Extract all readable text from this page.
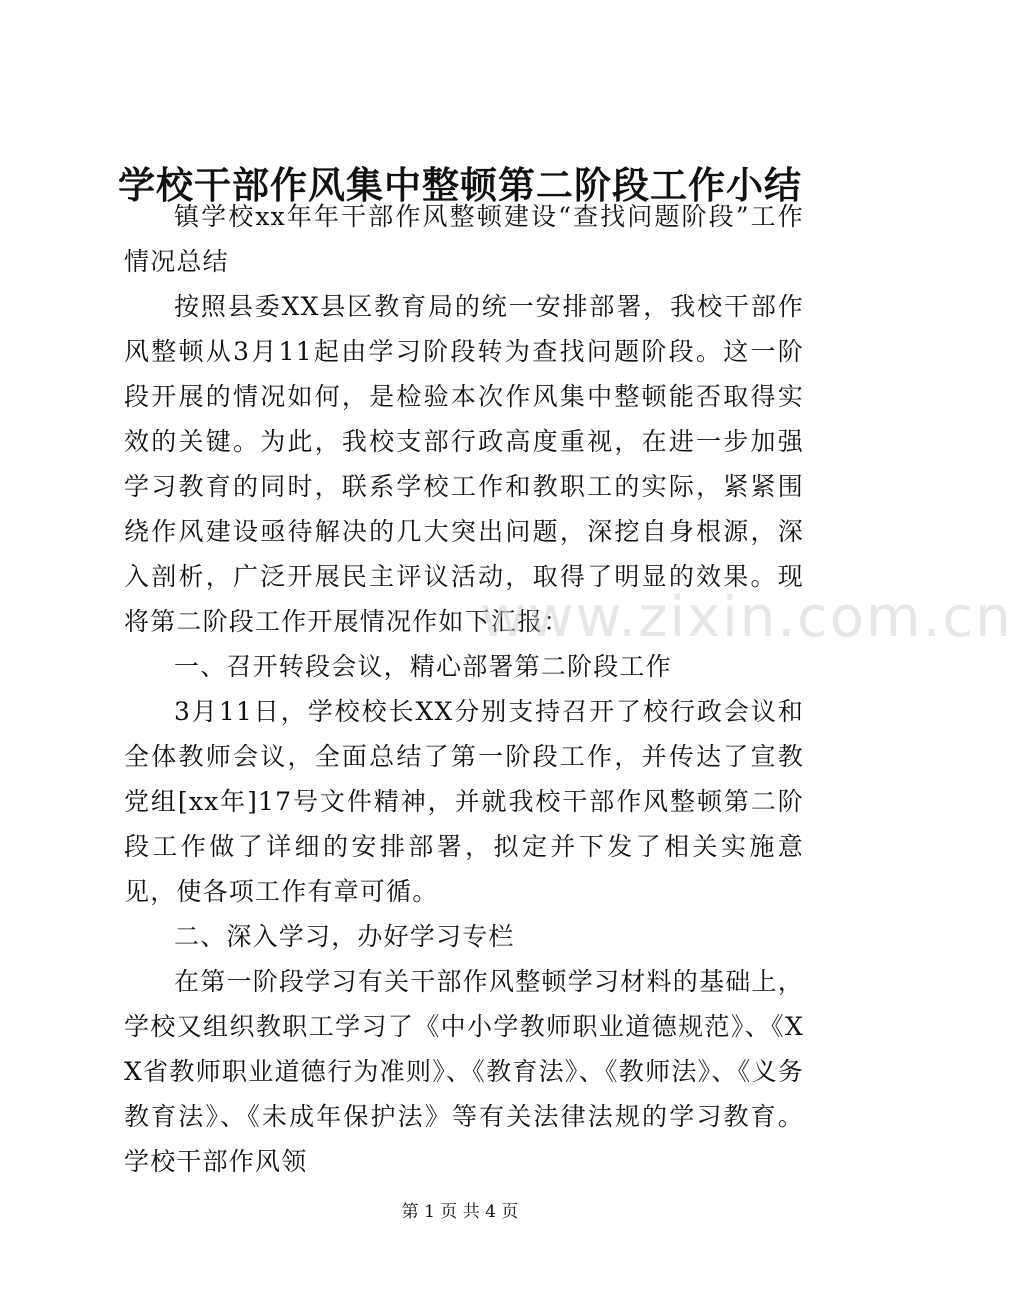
学校干部作风集中整顿第二阶段工作小结

镇学校xx年年干部作风整顿建设“查找问题阶段”工作情况总结

按照县委XX县区教育局的统一安排部署，我校干部作风整顿从3月11起由学习阶段转为查找问题阶段。这一阶段开展的情况如何，是检验本次作风集中整顿能否取得实效的关键。为此，我校支部行政高度重视，在进一步加强学习教育的同时，联系学校工作和教职工的实际，紧紧围绕作风建设亟待解决的几大突出问题，深挖自身根源，深入剖析，广泛开展民主评议活动，取得了明显的效果。现将第二阶段工作开展情况作如下汇报：

一、召开转段会议，精心部署第二阶段工作

3月11日，学校校长XX分别支持召开了校行政会议和全体教师会议，全面总结了第一阶段工作，并传达了宣教党组[xx年]17号文件精神，并就我校干部作风整顿第二阶段工作做了详细的安排部署，拟定并下发了相关实施意见，使各项工作有章可循。

二、深入学习，办好学习专栏

在第一阶段学习有关干部作风整顿学习材料的基础上，学校又组织教职工学习了《中小学教师职业道德规范》、《XX省教师职业道德行为准则》、《教育法》、《教师法》、《义务教育法》、《未成年保护法》等有关法律法规的学习教育。学校干部作风领

www.zixin.com.cn
第 1 页 共 4 页
